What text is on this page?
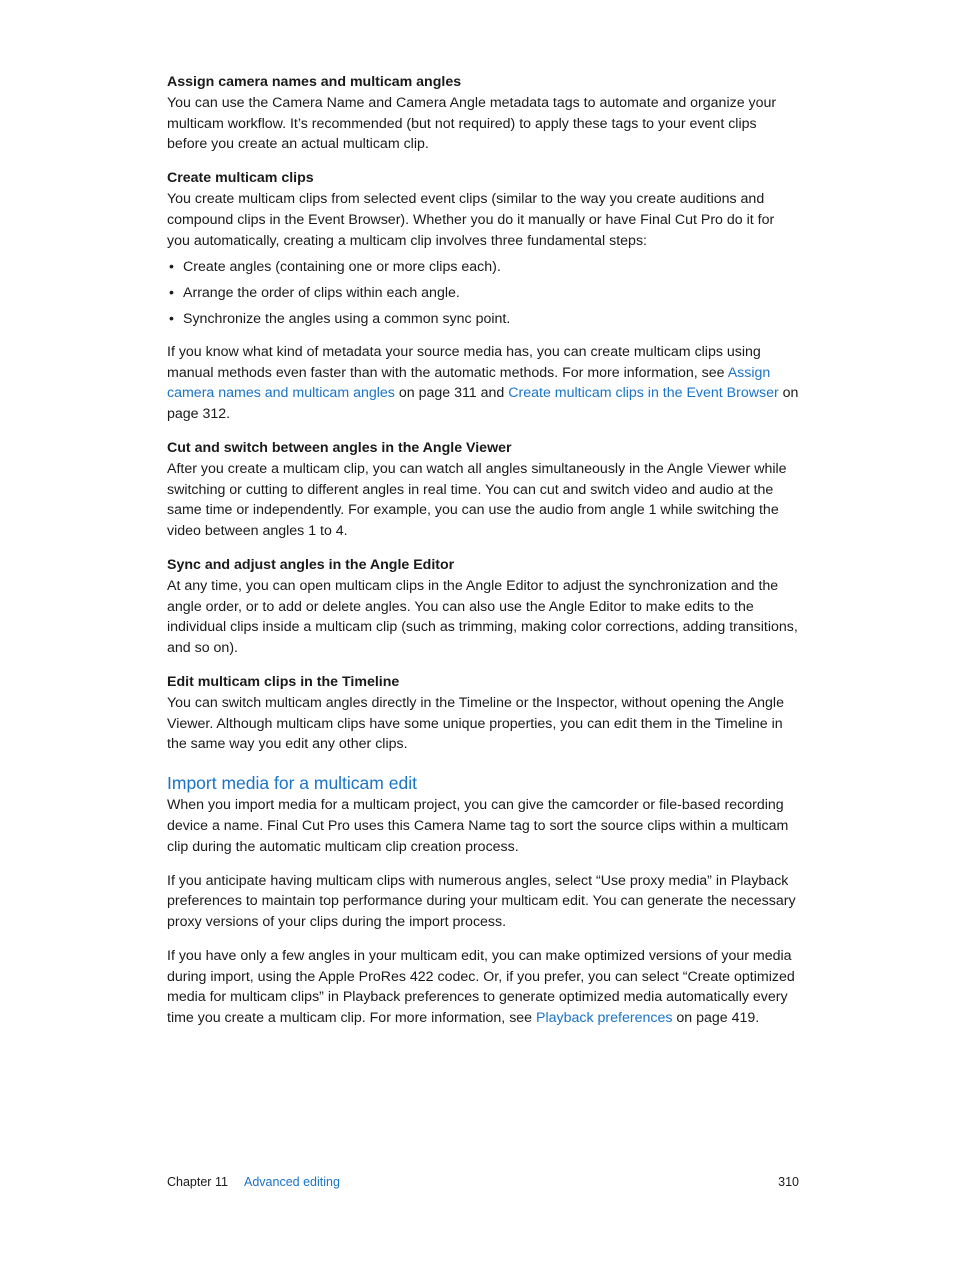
Assign camera names and multicam angles

You can use the Camera Name and Camera Angle metadata tags to automate and organize your multicam workflow. It’s recommended (but not required) to apply these tags to your event clips before you create an actual multicam clip.

Create multicam clips

You create multicam clips from selected event clips (similar to the way you create auditions and compound clips in the Event Browser). Whether you do it manually or have Final Cut Pro do it for you automatically, creating a multicam clip involves three fundamental steps:

• Create angles (containing one or more clips each).
• Arrange the order of clips within each angle.
• Synchronize the angles using a common sync point.

If you know what kind of metadata your source media has, you can create multicam clips using manual methods even faster than with the automatic methods. For more information, see Assign camera names and multicam angles on page 311 and Create multicam clips in the Event Browser on page 312.

Cut and switch between angles in the Angle Viewer

After you create a multicam clip, you can watch all angles simultaneously in the Angle Viewer while switching or cutting to different angles in real time. You can cut and switch video and audio at the same time or independently. For example, you can use the audio from angle 1 while switching the video between angles 1 to 4.

Sync and adjust angles in the Angle Editor

At any time, you can open multicam clips in the Angle Editor to adjust the synchronization and the angle order, or to add or delete angles. You can also use the Angle Editor to make edits to the individual clips inside a multicam clip (such as trimming, making color corrections, adding transitions, and so on).

Edit multicam clips in the Timeline

You can switch multicam angles directly in the Timeline or the Inspector, without opening the Angle Viewer. Although multicam clips have some unique properties, you can edit them in the Timeline in the same way you edit any other clips.

Import media for a multicam edit

When you import media for a multicam project, you can give the camcorder or file-based recording device a name. Final Cut Pro uses this Camera Name tag to sort the source clips within a multicam clip during the automatic multicam clip creation process.

If you anticipate having multicam clips with numerous angles, select “Use proxy media” in Playback preferences to maintain top performance during your multicam edit. You can generate the necessary proxy versions of your clips during the import process.

If you have only a few angles in your multicam edit, you can make optimized versions of your media during import, using the Apple ProRes 422 codec. Or, if you prefer, you can select “Create optimized media for multicam clips” in Playback preferences to generate optimized media automatically every time you create a multicam clip. For more information, see Playback preferences on page 419.

Chapter 11 Advanced editing	310
